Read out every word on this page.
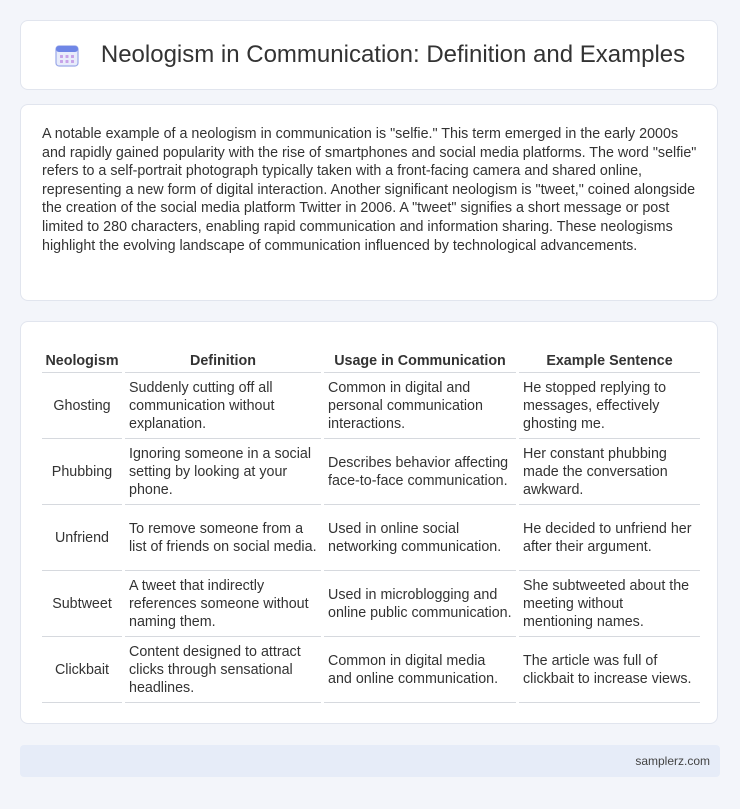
Neologism in Communication: Definition and Examples

A notable example of a neologism in communication is "selfie." This term emerged in the early 2000s and rapidly gained popularity with the rise of smartphones and social media platforms. The word "selfie" refers to a self-portrait photograph typically taken with a front-facing camera and shared online, representing a new form of digital interaction. Another significant neologism is "tweet," coined alongside the creation of the social media platform Twitter in 2006. A "tweet" signifies a short message or post limited to 280 characters, enabling rapid communication and information sharing. These neologisms highlight the evolving landscape of communication influenced by technological advancements.

Neologism	Definition	Usage in Communication	Example Sentence
Ghosting	Suddenly cutting off all communication without explanation.	Common in digital and personal communication interactions.	He stopped replying to messages, effectively ghosting me.
Phubbing	Ignoring someone in a social setting by looking at your phone.	Describes behavior affecting face-to-face communication.	Her constant phubbing made the conversation awkward.
Unfriend	To remove someone from a list of friends on social media.	Used in online social networking communication.	He decided to unfriend her after their argument.
Subtweet	A tweet that indirectly references someone without naming them.	Used in microblogging and online public communication.	She subtweeted about the meeting without mentioning names.
Clickbait	Content designed to attract clicks through sensational headlines.	Common in digital media and online communication.	The article was full of clickbait to increase views.
samplerz.com
